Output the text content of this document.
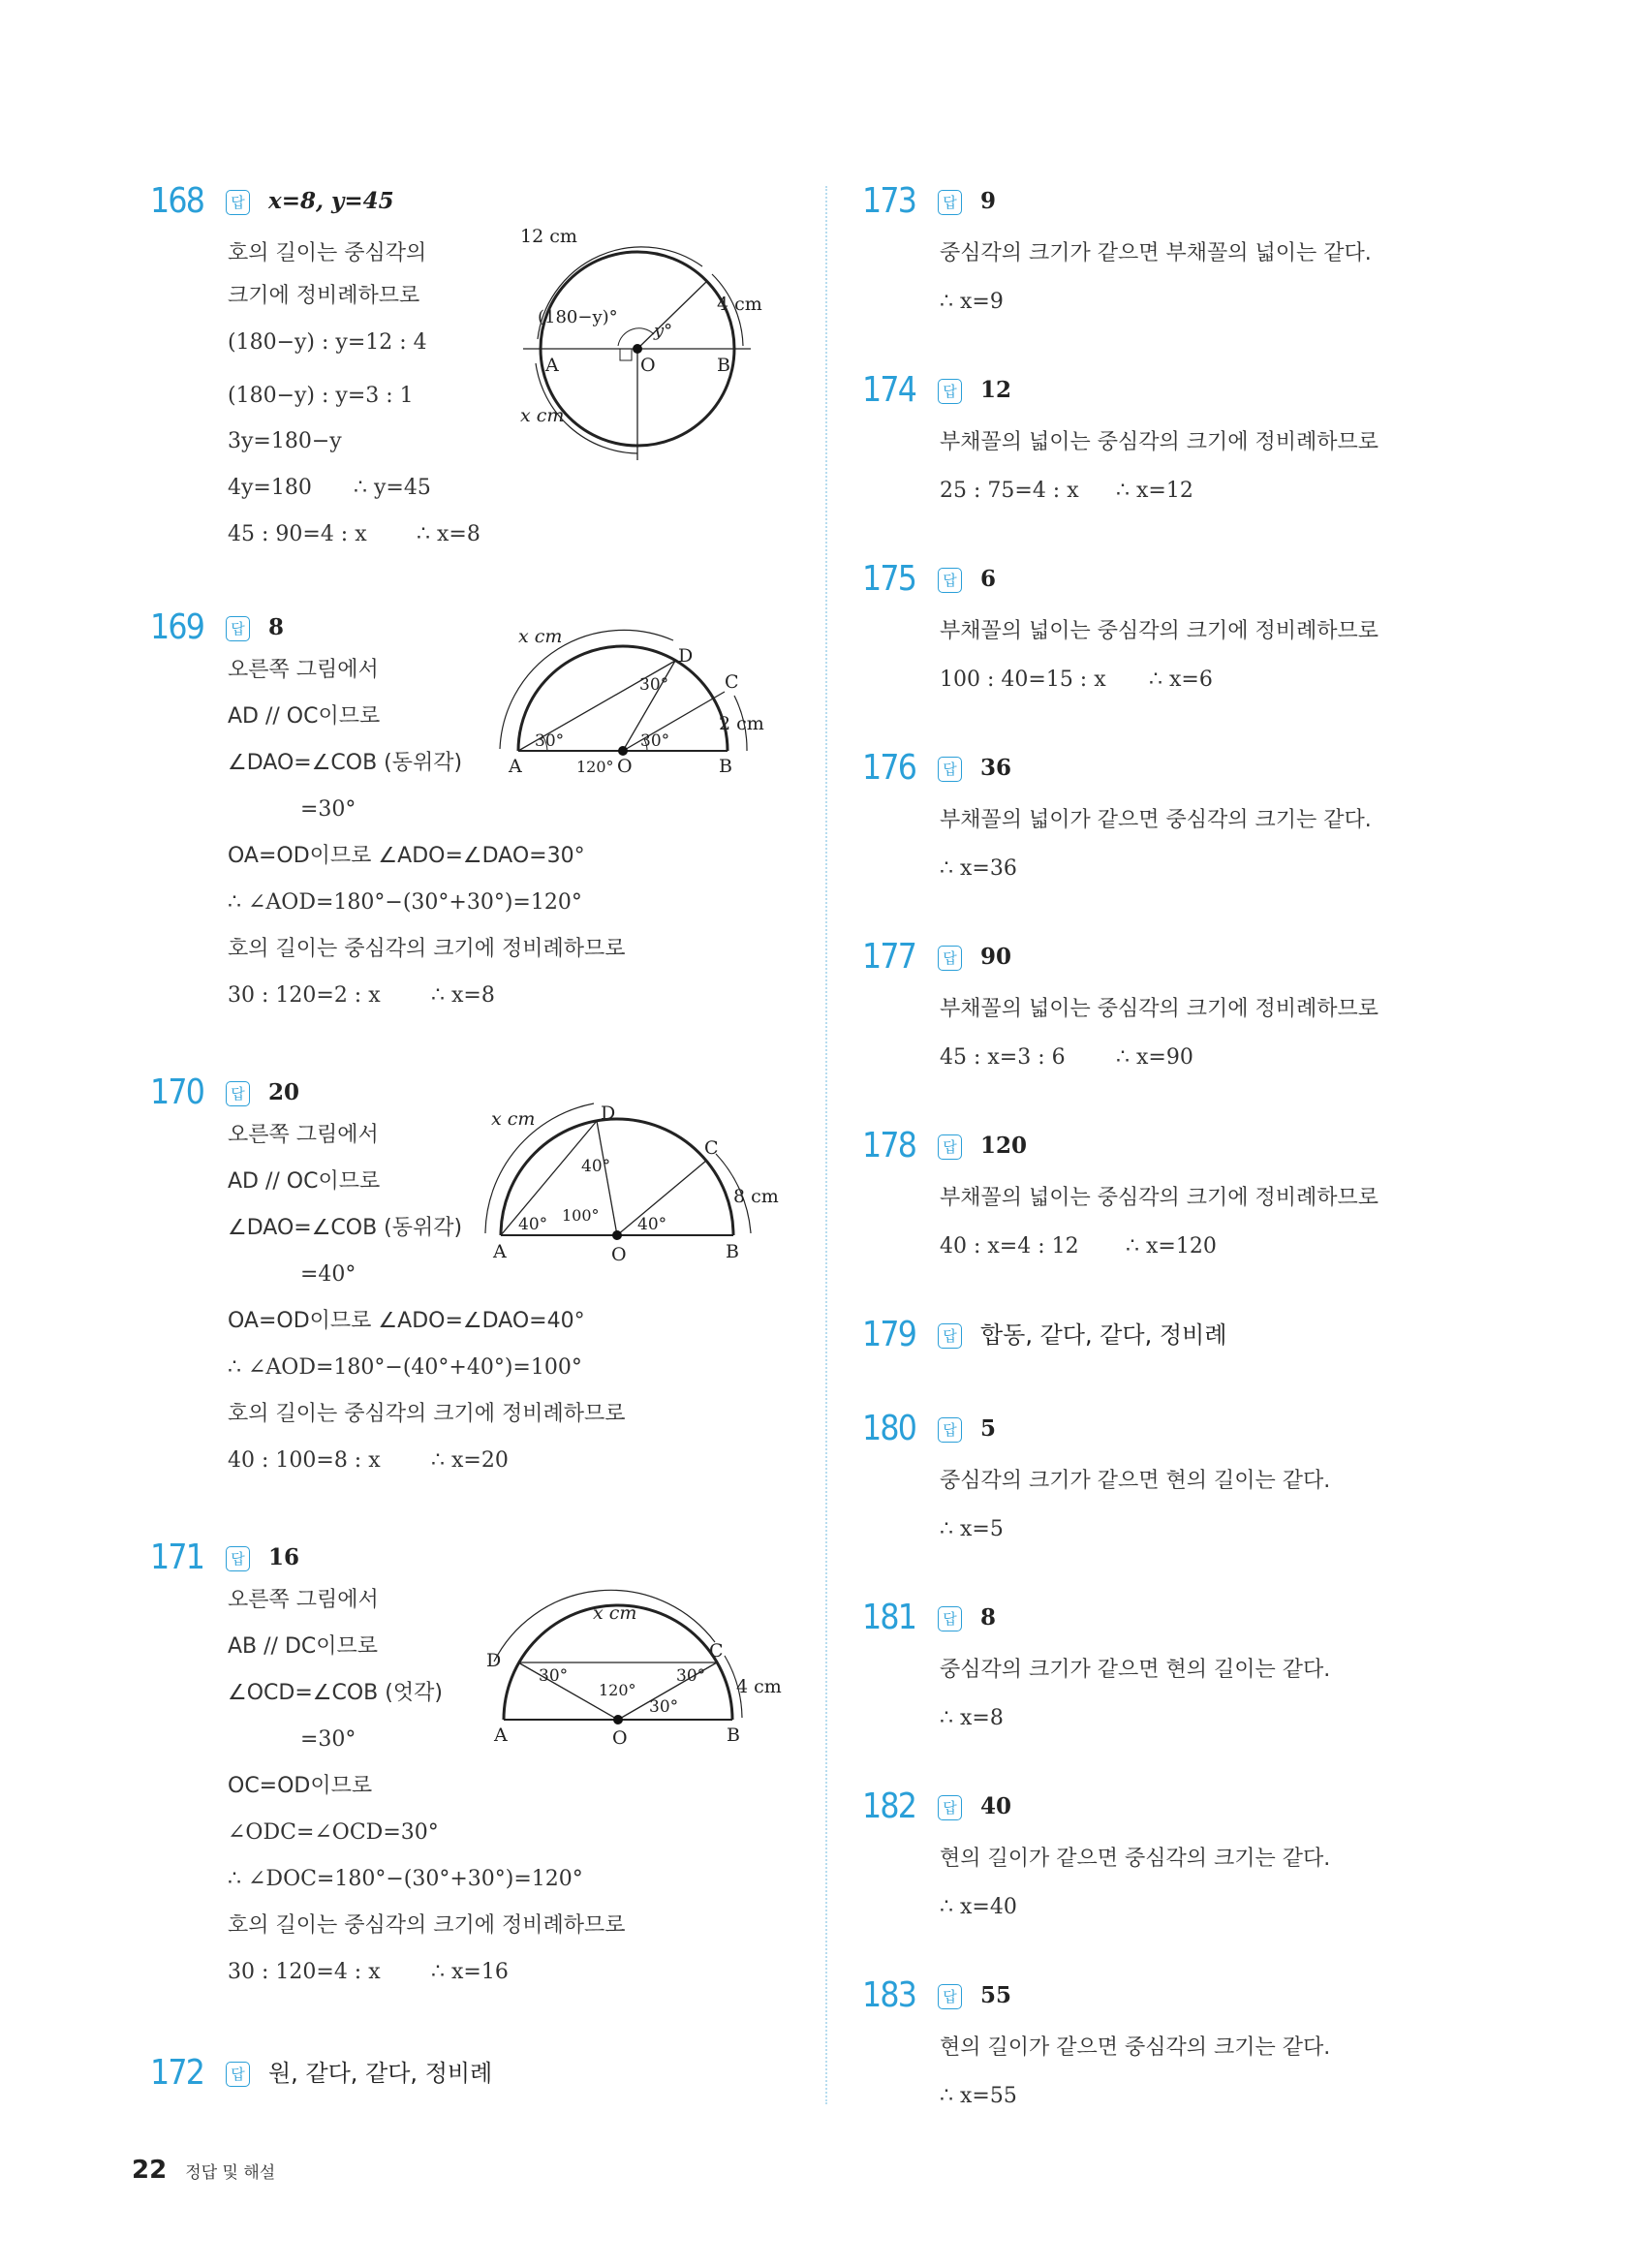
168	답 x=8, y=45
호의 길이는 중심각의
크기에 정비례하므로
(180−y) : y=12 : 4
(180−y) : y=3 : 1
3y=180−y
4y=180 ∴ y=45
45 : 90=4 : x ∴ x=8
12 cm
4 cm
x cm
(180−y)°
y°
A	O	B
169	답 8
오른쪽 그림에서
AD // OC이므로
∠DAO=∠COB (동위각)
=30°
OA=OD이므로 ∠ADO=∠DAO=30°
∴ ∠AOD=180°−(30°+30°)=120°
호의 길이는 중심각의 크기에 정비례하므로
30 : 120=2 : x ∴ x=8
x cm
2 cm
30°
30°
30°
120°
A	O	B
C
D
170	답 20
오른쪽 그림에서
AD // OC이므로
∠DAO=∠COB (동위각)
=40°
OA=OD이므로 ∠ADO=∠DAO=40°
∴ ∠AOD=180°−(40°+40°)=100°
호의 길이는 중심각의 크기에 정비례하므로
40 : 100=8 : x ∴ x=20
x cm
8 cm
40°
40°
40°
100°
A	O	B
C
D
171	답 16
오른쪽 그림에서
AB // DC이므로
∠OCD=∠COB (엇각)
=30°
OC=OD이므로
∠ODC=∠OCD=30°
∴ ∠DOC=180°−(30°+30°)=120°
호의 길이는 중심각의 크기에 정비례하므로
30 : 120=4 : x ∴ x=16
x cm
4 cm
30°	30°
30°
120°
A	O	B
C
D
172	답 원, 같다, 같다, 정비례
173	답 9
중심각의 크기가 같으면 부채꼴의 넓이는 같다.
∴ x=9
174	답 12
부채꼴의 넓이는 중심각의 크기에 정비례하므로
25 : 75=4 : x ∴ x=12
175	답 6
부채꼴의 넓이는 중심각의 크기에 정비례하므로
100 : 40=15 : x ∴ x=6
176	답 36
부채꼴의 넓이가 같으면 중심각의 크기는 같다.
∴ x=36
177	답 90
부채꼴의 넓이는 중심각의 크기에 정비례하므로
45 : x=3 : 6 ∴ x=90
178	답 120
부채꼴의 넓이는 중심각의 크기에 정비례하므로
40 : x=4 : 12 ∴ x=120
179	답 합동, 같다, 같다, 정비례
180	답 5
중심각의 크기가 같으면 현의 길이는 같다.
∴ x=5
181	답 8
중심각의 크기가 같으면 현의 길이는 같다.
∴ x=8
182	답 40
현의 길이가 같으면 중심각의 크기는 같다.
∴ x=40
183	답 55
현의 길이가 같으면 중심각의 크기는 같다.
∴ x=55
22 정답 및 해설
